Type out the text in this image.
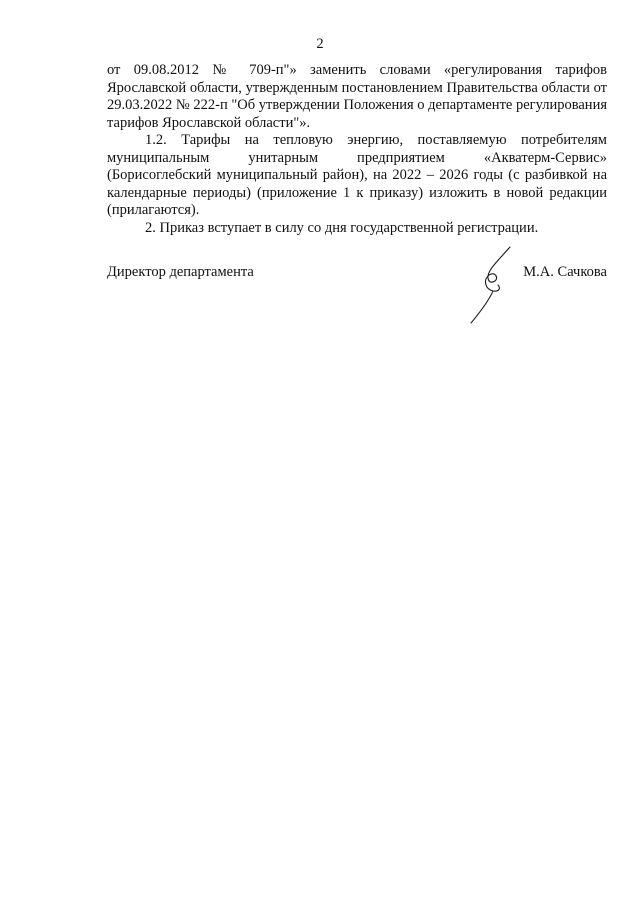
2

от 09.08.2012 № 709-п"» заменить словами «регулирования тарифов Ярославской области, утвержденным постановлением Правительства области от 29.03.2022 № 222-п "Об утверждении Положения о департаменте регулирования тарифов Ярославской области"».

1.2. Тарифы на тепловую энергию, поставляемую потребителям муниципальным унитарным предприятием «Акватерм-Сервис» (Борисоглебский муниципальный район), на 2022 – 2026 годы (с разбивкой на календарные периоды) (приложение 1 к приказу) изложить в новой редакции (прилагаются).

2. Приказ вступает в силу со дня государственной регистрации.

Директор департамента	М.А. Сачкова
